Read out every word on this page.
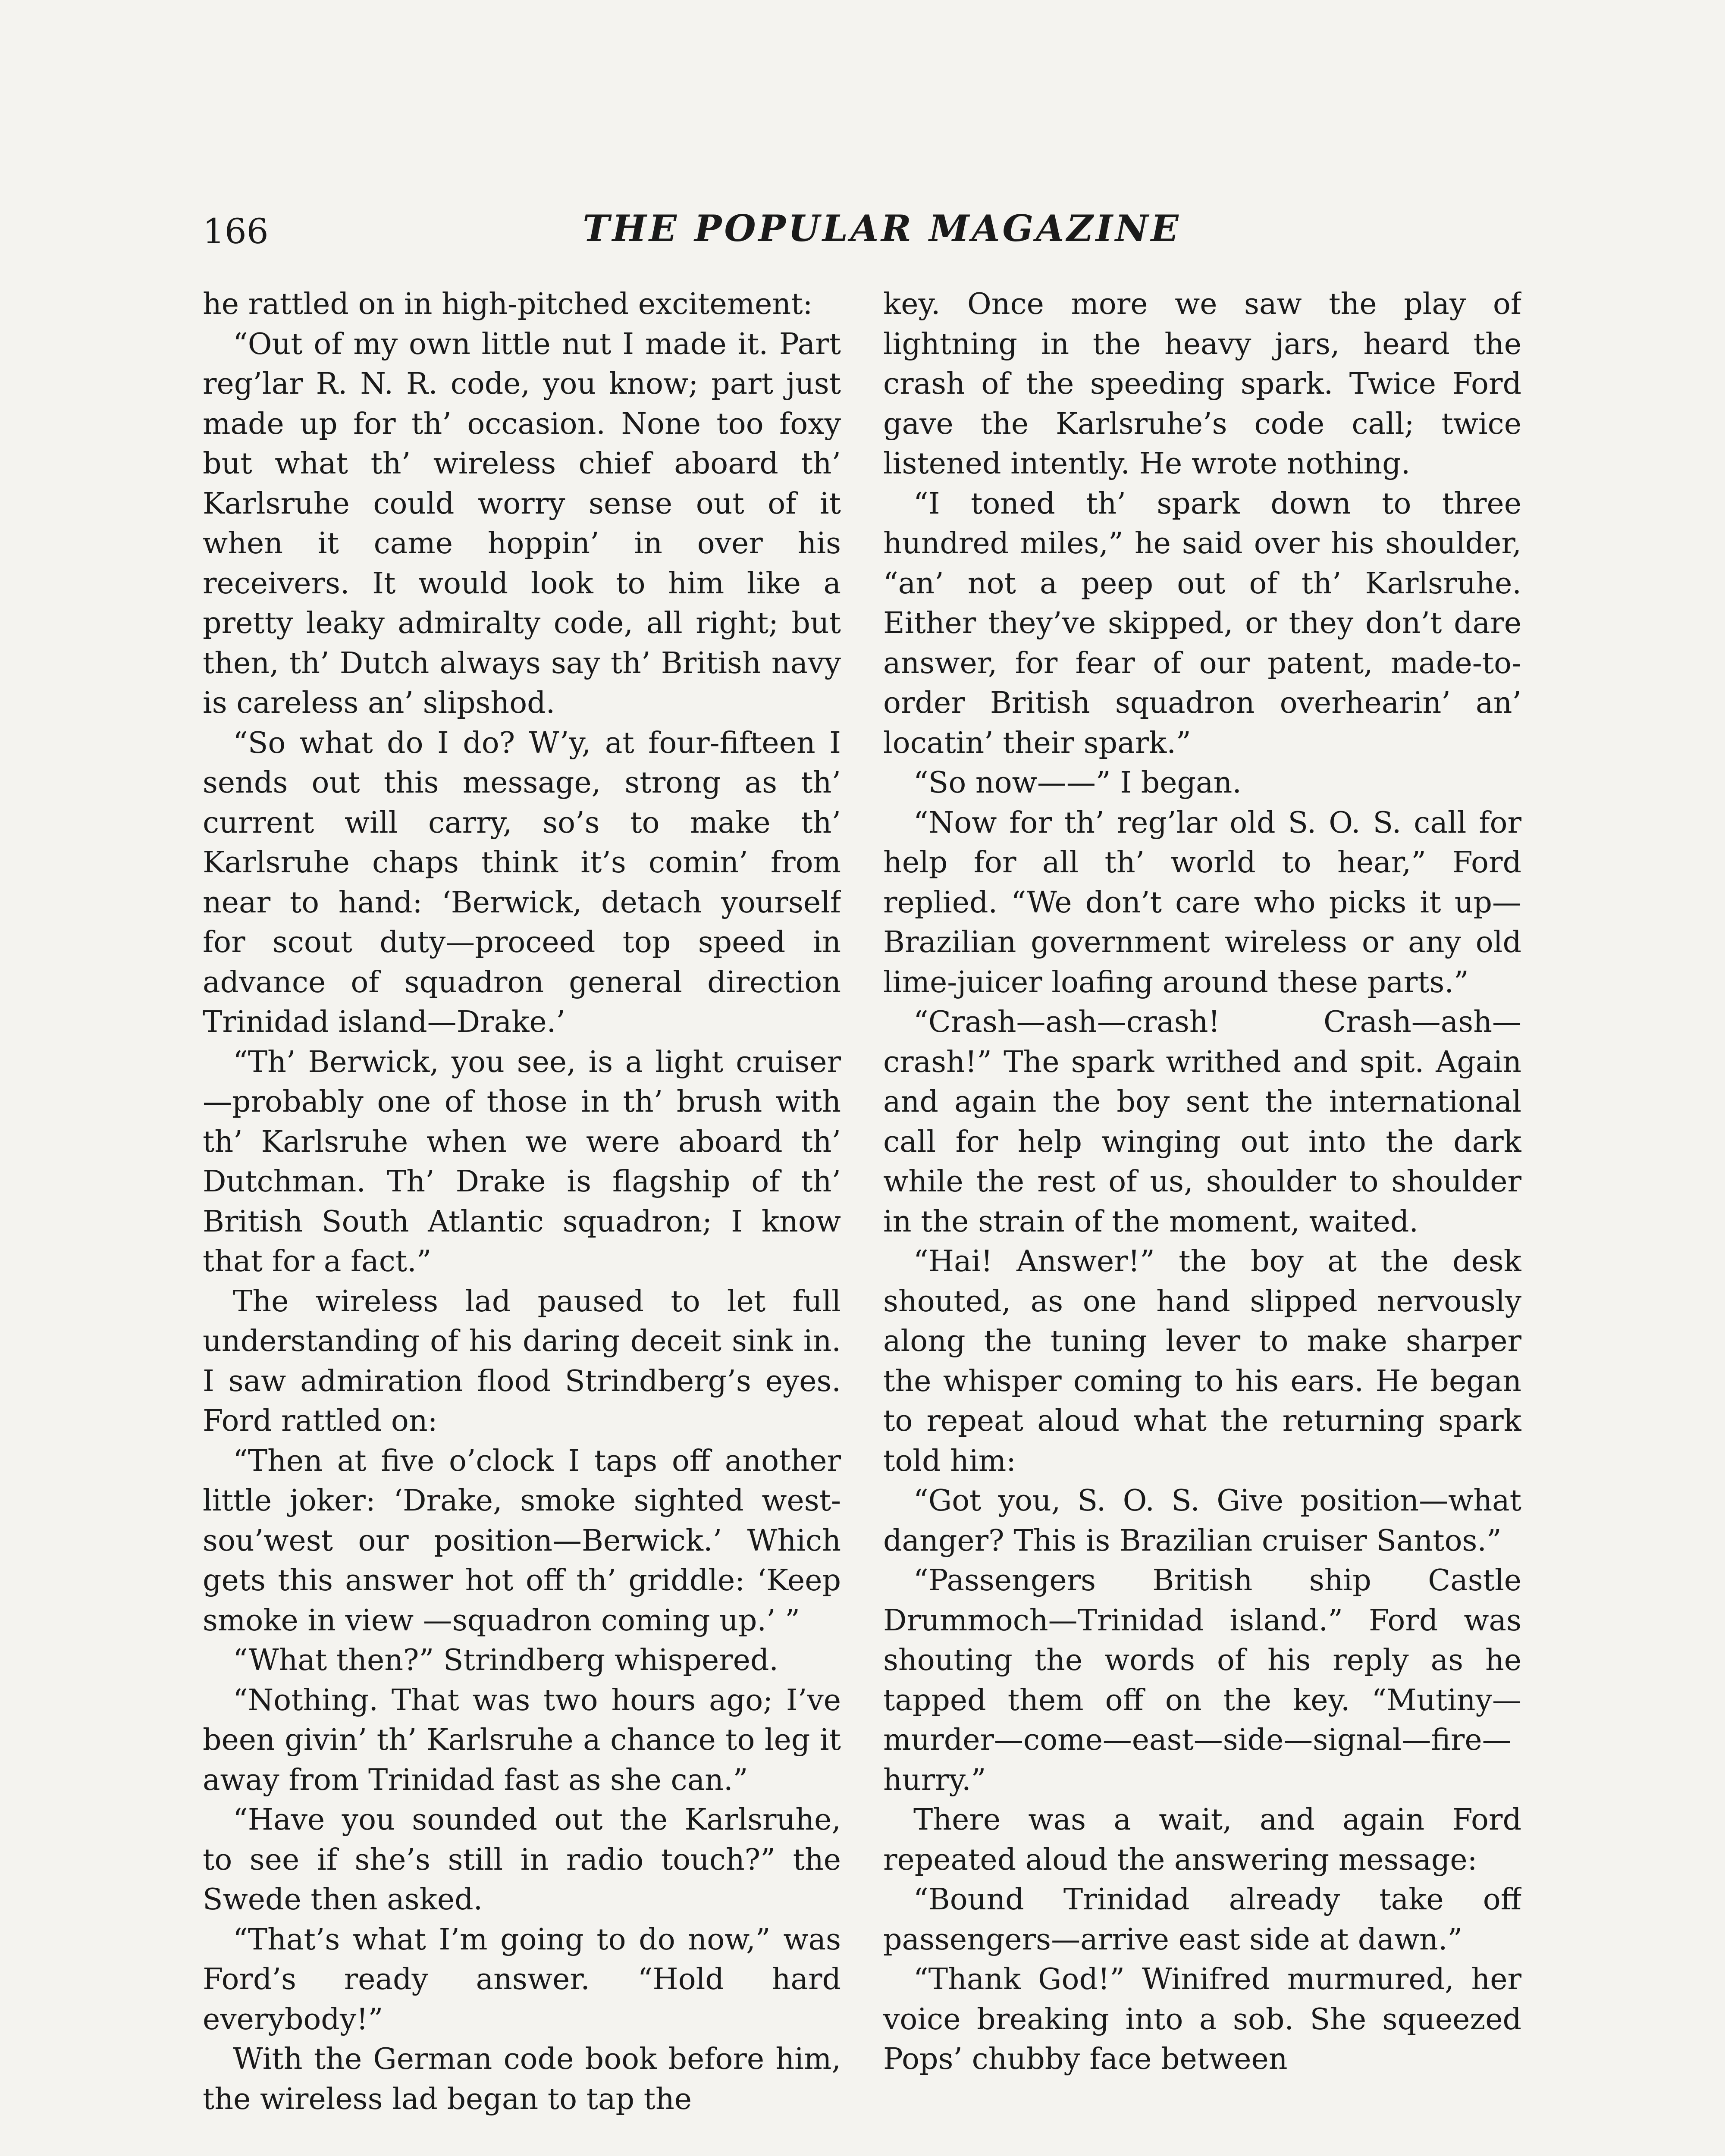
166	THE POPULAR MAGAZINE

he rattled on in high-pitched excitement:

“Out of my own little nut I made it. Part reg’lar R. N. R. code, you know; part just made up for th’ occasion. None too foxy but what th’ wireless chief aboard th’ Karlsruhe could worry sense out of it when it came hoppin’ in over his receivers. It would look to him like a pretty leaky admiralty code, all right; but then, th’ Dutch always say th’ British navy is careless an’ slipshod.

“So what do I do? W’y, at four-fifteen I sends out this message, strong as th’ current will carry, so’s to make th’ Karlsruhe chaps think it’s comin’ from near to hand: ‘Berwick, detach yourself for scout duty—proceed top speed in advance of squadron general direction Trinidad island—Drake.’

“Th’ Berwick, you see, is a light cruiser—probably one of those in th’ brush with th’ Karlsruhe when we were aboard th’ Dutchman. Th’ Drake is flagship of th’ British South Atlantic squadron; I know that for a fact.”

The wireless lad paused to let full understanding of his daring deceit sink in. I saw admiration flood Strindberg’s eyes. Ford rattled on:

“Then at five o’clock I taps off another little joker: ‘Drake, smoke sighted west-sou’west our position—Berwick.’ Which gets this answer hot off th’ griddle: ‘Keep smoke in view —squadron coming up.’ ”

“What then?” Strindberg whispered.

“Nothing. That was two hours ago; I’ve been givin’ th’ Karlsruhe a chance to leg it away from Trinidad fast as she can.”

“Have you sounded out the Karlsruhe, to see if she’s still in radio touch?” the Swede then asked.

“That’s what I’m going to do now,” was Ford’s ready answer. “Hold hard everybody!”

With the German code book before him, the wireless lad began to tap the

key. Once more we saw the play of lightning in the heavy jars, heard the crash of the speeding spark. Twice Ford gave the Karlsruhe’s code call; twice listened intently. He wrote nothing.

“I toned th’ spark down to three hundred miles,” he said over his shoulder, “an’ not a peep out of th’ Karlsruhe. Either they’ve skipped, or they don’t dare answer, for fear of our patent, made-to-order British squadron overhearin’ an’ locatin’ their spark.”

“So now——” I began.

“Now for th’ reg’lar old S. O. S. call for help for all th’ world to hear,” Ford replied. “We don’t care who picks it up—Brazilian government wireless or any old lime-juicer loafing around these parts.”

“Crash—ash—crash! Crash—ash—crash!” The spark writhed and spit. Again and again the boy sent the international call for help winging out into the dark while the rest of us, shoulder to shoulder in the strain of the moment, waited.

“Hai! Answer!” the boy at the desk shouted, as one hand slipped nervously along the tuning lever to make sharper the whisper coming to his ears. He began to repeat aloud what the returning spark told him:

“Got you, S. O. S. Give position—what danger? This is Brazilian cruiser Santos.”

“Passengers British ship Castle Drummoch—Trinidad island.” Ford was shouting the words of his reply as he tapped them off on the key. “Mutiny—murder—come—east—side—signal—fire—hurry.”

There was a wait, and again Ford repeated aloud the answering message:

“Bound Trinidad already take off passengers—arrive east side at dawn.”

“Thank God!” Winifred murmured, her voice breaking into a sob. She squeezed Pops’ chubby face between
